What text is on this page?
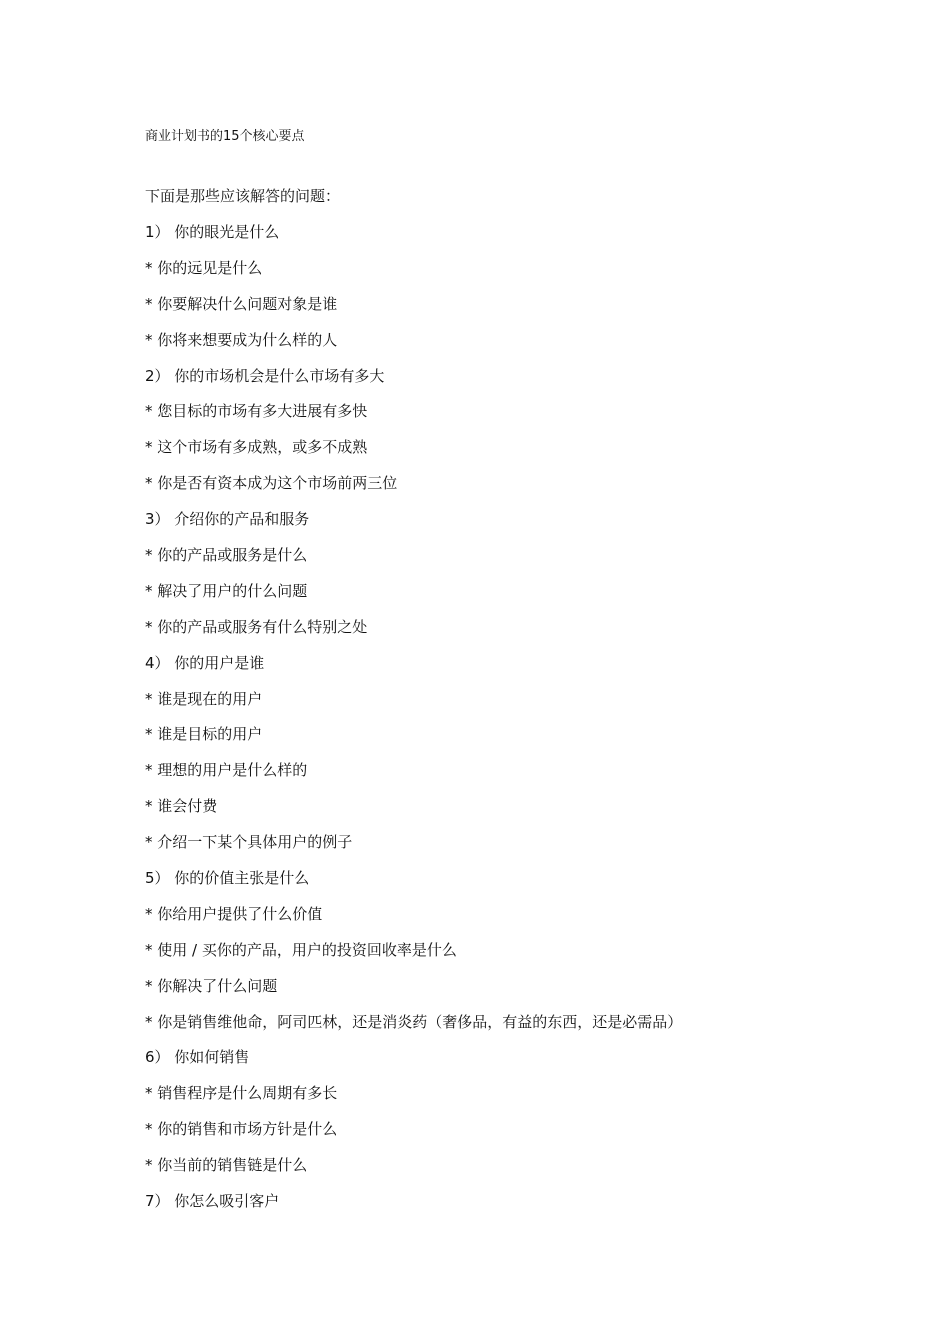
商业计划书的15个核心要点
下面是那些应该解答的问题：
1） 你的眼光是什么
* 你的远见是什么
* 你要解决什么问题对象是谁
* 你将来想要成为什么样的人
2） 你的市场机会是什么市场有多大
* 您目标的市场有多大进展有多快
* 这个市场有多成熟，或多不成熟
* 你是否有资本成为这个市场前两三位
3） 介绍你的产品和服务
* 你的产品或服务是什么
* 解决了用户的什么问题
* 你的产品或服务有什么特别之处
4） 你的用户是谁
* 谁是现在的用户
* 谁是目标的用户
* 理想的用户是什么样的
* 谁会付费
* 介绍一下某个具体用户的例子
5） 你的价值主张是什么
* 你给用户提供了什么价值
* 使用 / 买你的产品，用户的投资回收率是什么
* 你解决了什么问题
* 你是销售维他命，阿司匹林，还是消炎药（奢侈品，有益的东西，还是必需品）
6） 你如何销售
* 销售程序是什么周期有多长
* 你的销售和市场方针是什么
* 你当前的销售链是什么
7） 你怎么吸引客户
